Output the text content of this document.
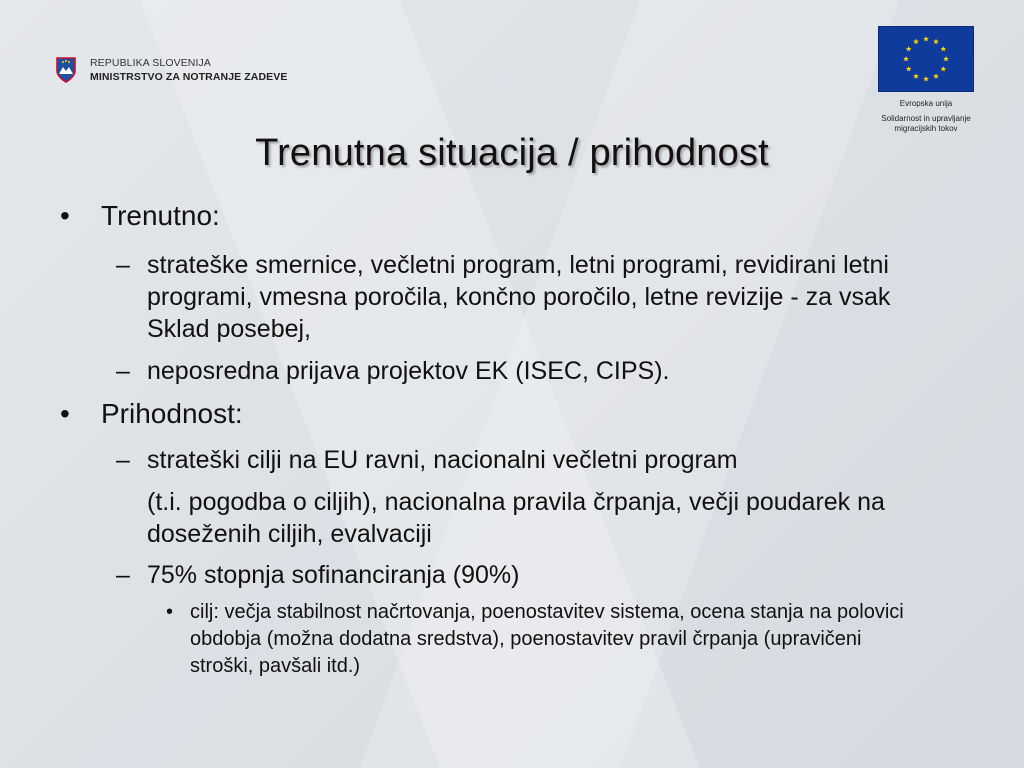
REPUBLIKA SLOVENIJA
MINISTRSTVO ZA NOTRANJE ZADEVE
Evropska unija
Solidarnost in upravljanje migracijskih tokov
Trenutna situacija / prihodnost
• Trenutno:
– strateške smernice, večletni program, letni programi, revidirani letni programi, vmesna poročila, končno poročilo, letne revizije - za vsak Sklad posebej,
– neposredna prijava projektov EK (ISEC, CIPS).
• Prihodnost:
– strateški cilji na EU ravni, nacionalni večletni program
(t.i. pogodba o ciljih), nacionalna pravila črpanja, večji poudarek na doseženih ciljih, evalvaciji
– 75% stopnja sofinanciranja (90%)
• cilj: večja stabilnost načrtovanja, poenostavitev sistema, ocena stanja na polovici obdobja (možna dodatna sredstva), poenostavitev pravil črpanja (upravičeni stroški, pavšali itd.)
